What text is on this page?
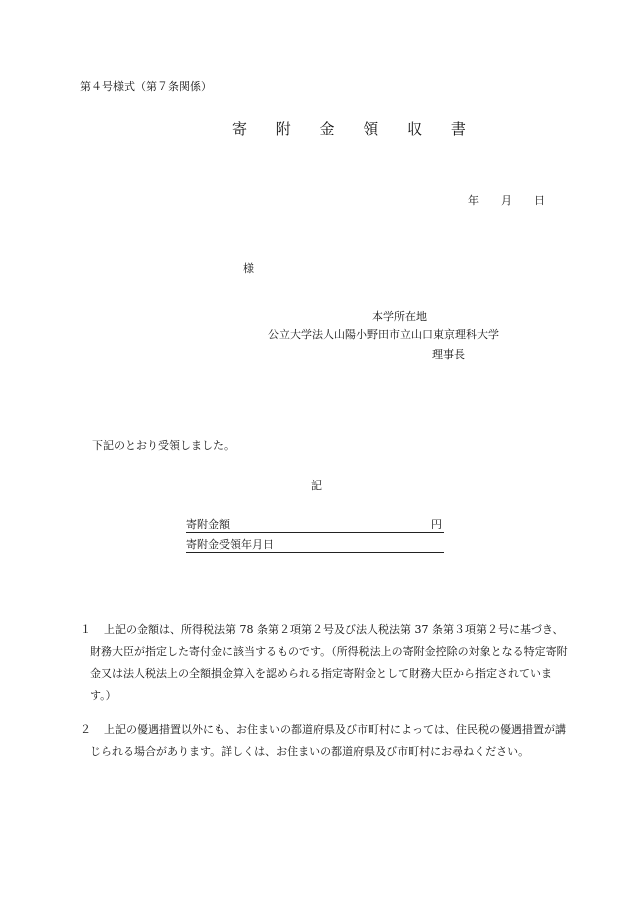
第４号様式（第７条関係）
寄 附 金 領 収 書
年 月 日
様
本学所在地
公立大学法人山陽小野田市立山口東京理科大学
理事長
下記のとおり受領しました。
記
寄附金額	円
寄附金受領年月日
１	上記の金額は、所得税法第 78 条第２項第２号及び法人税法第 37 条第３項第２号に基づき、財務大臣が指定した寄付金に該当するものです。（所得税法上の寄附金控除の対象となる特定寄附金又は法人税法上の全額損金算入を認められる指定寄附金として財務大臣から指定されています。）
２	上記の優遇措置以外にも、お住まいの都道府県及び市町村によっては、住民税の優遇措置が講じられる場合があります。詳しくは、お住まいの都道府県及び市町村にお尋ねください。
